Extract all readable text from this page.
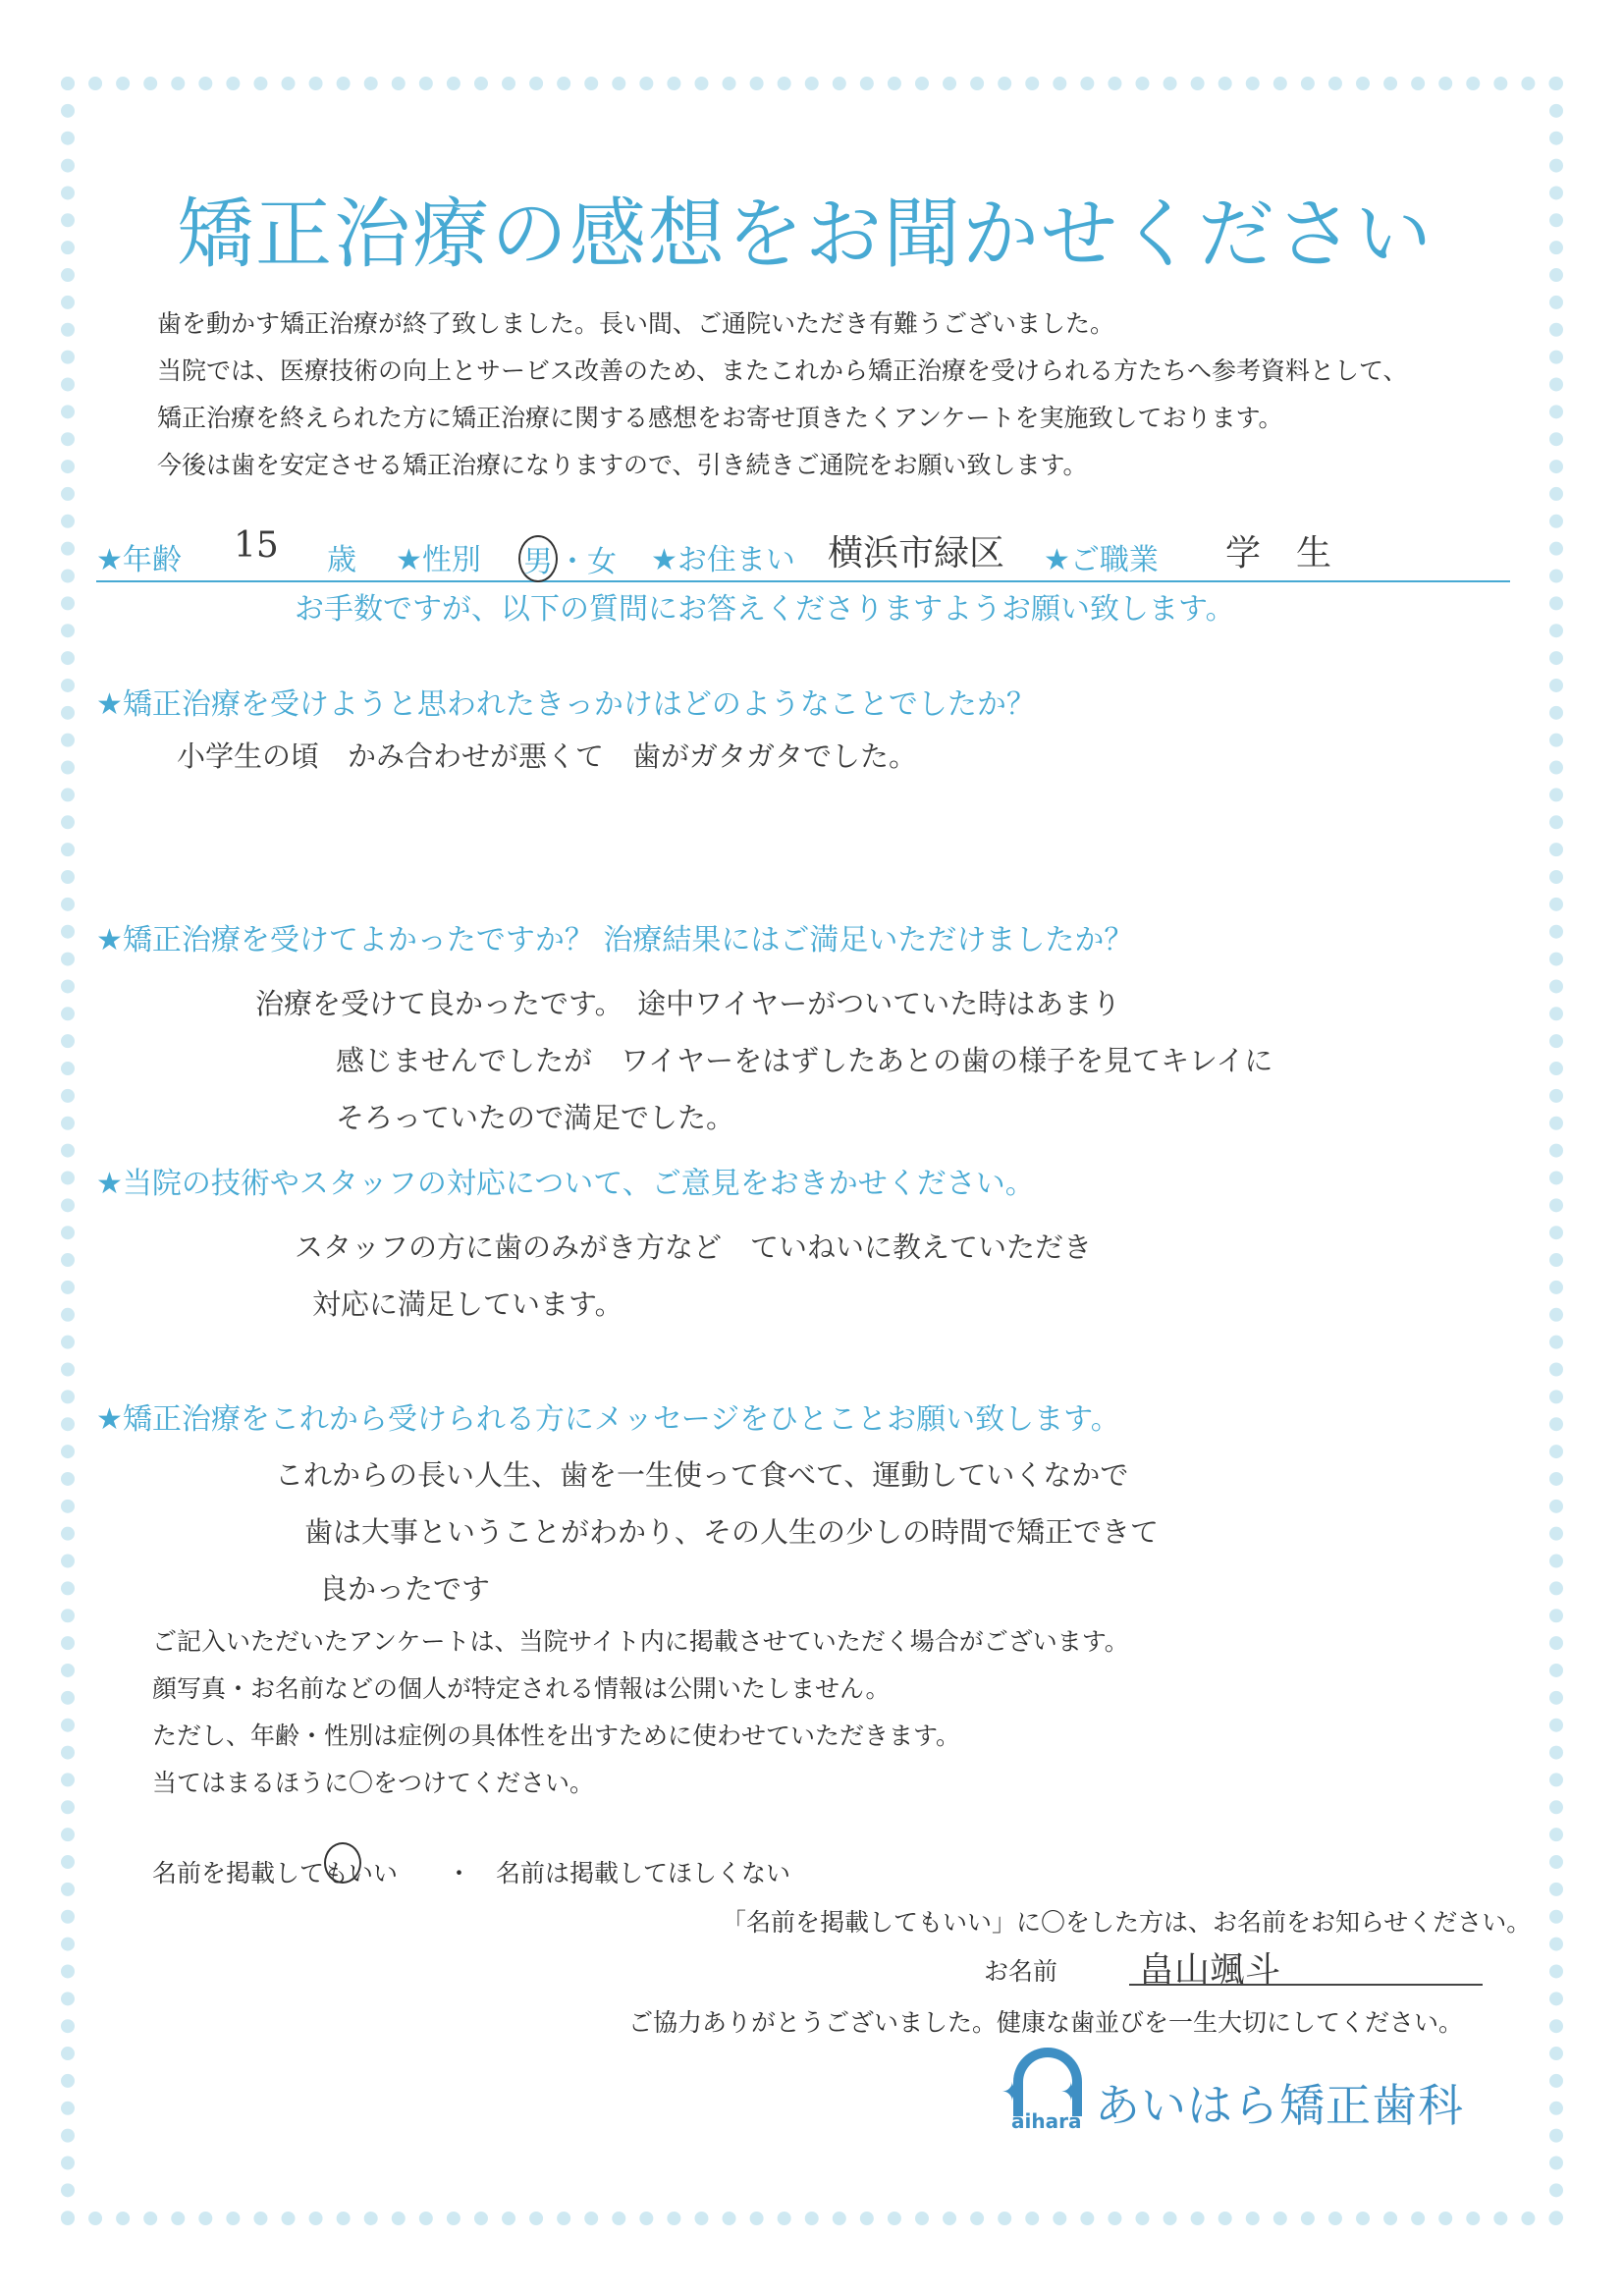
矯正治療の感想をお聞かせください
歯を動かす矯正治療が終了致しました。長い間、ご通院いただき有難うございました。
当院では、医療技術の向上とサービス改善のため、またこれから矯正治療を受けられる方たちへ参考資料として、
矯正治療を終えられた方に矯正治療に関する感想をお寄せ頂きたくアンケートを実施致しております。
今後は歯を安定させる矯正治療になりますので、引き続きご通院をお願い致します。
★年齢 15 歳 ★性別 男 ・女 ★お住まい 横浜市緑区 ★ご職業 学　生
お手数ですが、以下の質問にお答えくださりますようお願い致します。
★矯正治療を受けようと思われたきっかけはどのようなことでしたか？
小学生の頃　かみ合わせが悪くて　歯がガタガタでした。
★矯正治療を受けてよかったですか？ 治療結果にはご満足いただけましたか？
治療を受けて良かったです。　途中ワイヤーがついていた時はあまり
感じませんでしたが　ワイヤーをはずしたあとの歯の様子を見てキレイに
そろっていたので満足でした。
★当院の技術やスタッフの対応について、ご意見をおきかせください。
スタッフの方に歯のみがき方など　ていねいに教えていただき
対応に満足しています。
★矯正治療をこれから受けられる方にメッセージをひとことお願い致します。
これからの長い人生、歯を一生使って食べて、運動していくなかで
歯は大事ということがわかり、その人生の少しの時間で矯正できて
良かったです
ご記入いただいたアンケートは、当院サイト内に掲載させていただく場合がございます。
顔写真・お名前などの個人が特定される情報は公開いたしません。
ただし、年齢・性別は症例の具体性を出すために使わせていただきます。
当てはまるほうに〇をつけてください。
名前を掲載してもいい ・ 名前は掲載してほしくない
「名前を掲載してもいい」に〇をした方は、お名前をお知らせください。
お名前 畠山颯斗
ご協力ありがとうございました。健康な歯並びを一生大切にしてください。
✦ ✦ あいはら矯正歯科
aihara
